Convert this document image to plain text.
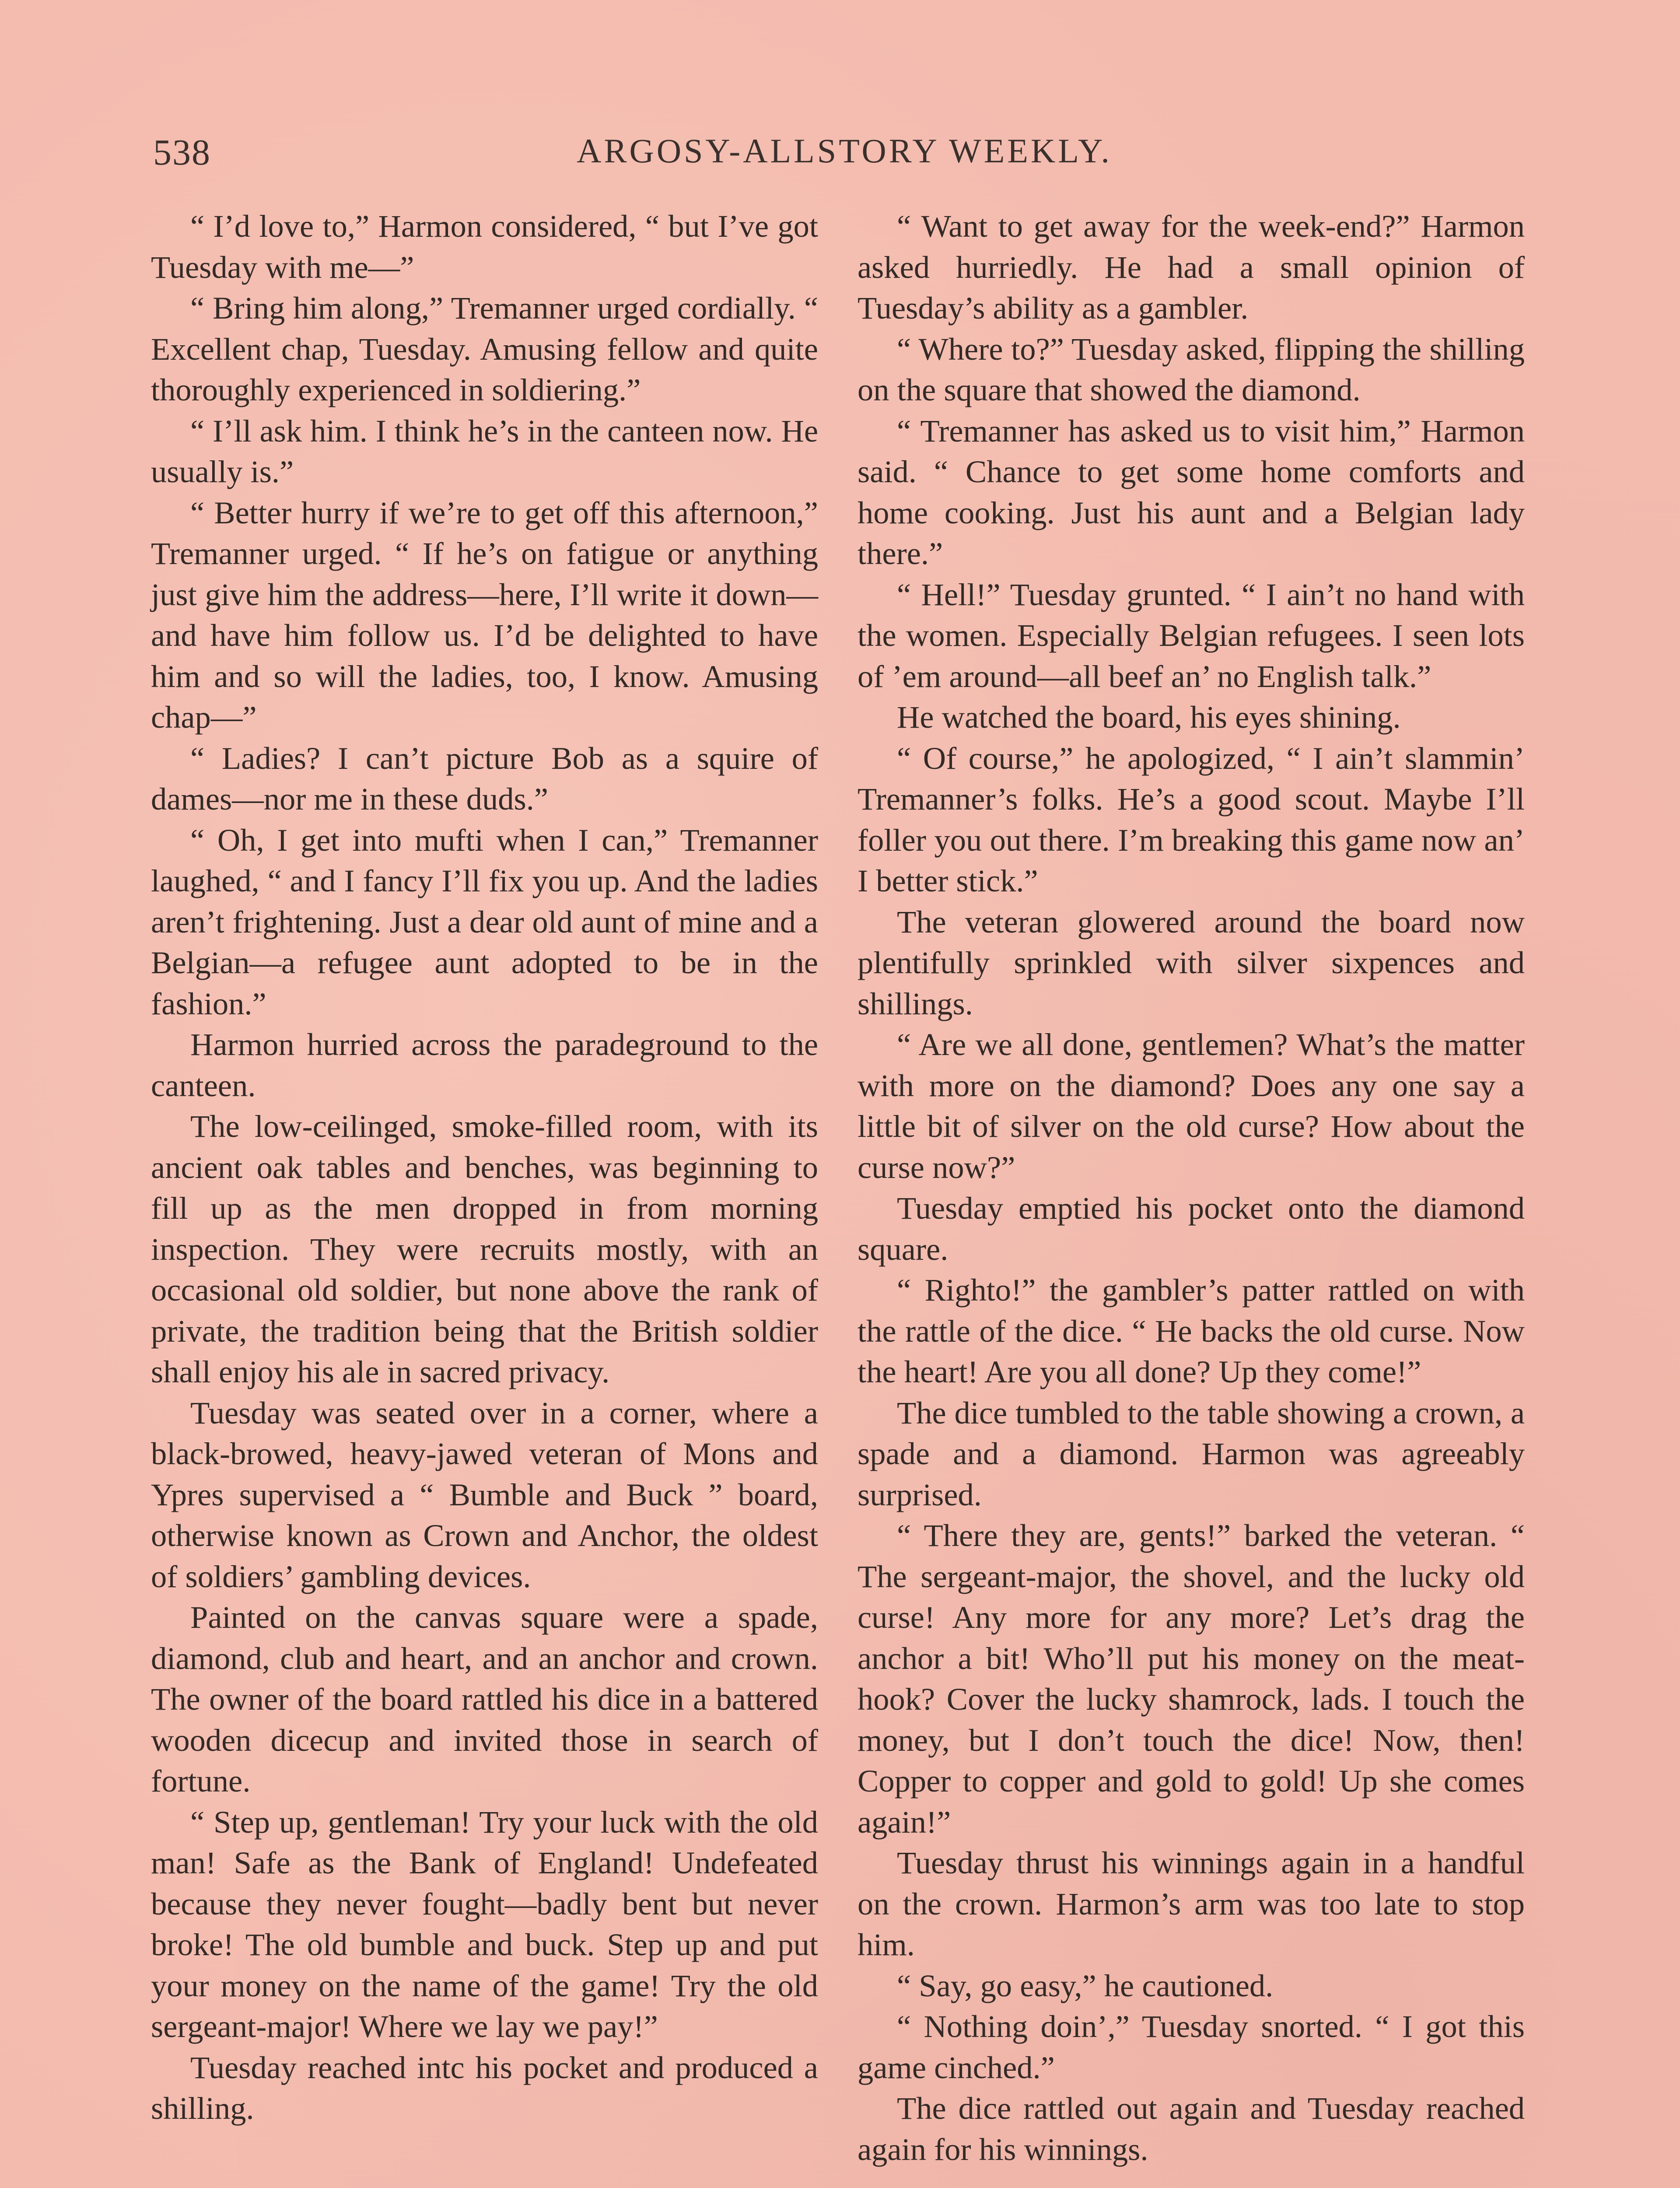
538	ARGOSY-ALLSTORY WEEKLY.

“ I’d love to,” Harmon considered, “ but I’ve got Tuesday with me—”

“ Bring him along,” Tremanner urged cordially. “ Excellent chap, Tuesday. Amusing fellow and quite thoroughly experienced in soldiering.”

“ I’ll ask him. I think he’s in the canteen now. He usually is.”

“ Better hurry if we’re to get off this afternoon,” Tremanner urged. “ If he’s on fatigue or anything just give him the address—here, I’ll write it down—and have him follow us. I’d be delighted to have him and so will the ladies, too, I know. Amusing chap—”

“ Ladies? I can’t picture Bob as a squire of dames—nor me in these duds.”

“ Oh, I get into mufti when I can,” Tremanner laughed, “ and I fancy I’ll fix you up. And the ladies aren’t frightening. Just a dear old aunt of mine and a Belgian—a refugee aunt adopted to be in the fashion.”

Harmon hurried across the paradeground to the canteen.

The low-ceilinged, smoke-filled room, with its ancient oak tables and benches, was beginning to fill up as the men dropped in from morning inspection. They were recruits mostly, with an occasional old soldier, but none above the rank of private, the tradition being that the British soldier shall enjoy his ale in sacred privacy.

Tuesday was seated over in a corner, where a black-browed, heavy-jawed veteran of Mons and Ypres supervised a “ Bumble and Buck ” board, otherwise known as Crown and Anchor, the oldest of soldiers’ gambling devices.

Painted on the canvas square were a spade, diamond, club and heart, and an anchor and crown. The owner of the board rattled his dice in a battered wooden dicecup and invited those in search of fortune.

“ Step up, gentleman! Try your luck with the old man! Safe as the Bank of England! Undefeated because they never fought—badly bent but never broke! The old bumble and buck. Step up and put your money on the name of the game! Try the old sergeant-major! Where we lay we pay!”

Tuesday reached intc his pocket and produced a shilling.

“ Want to get away for the week-end?” Harmon asked hurriedly. He had a small opinion of Tuesday’s ability as a gambler.

“ Where to?” Tuesday asked, flipping the shilling on the square that showed the diamond.

“ Tremanner has asked us to visit him,” Harmon said. “ Chance to get some home comforts and home cooking. Just his aunt and a Belgian lady there.”

“ Hell!” Tuesday grunted. “ I ain’t no hand with the women. Especially Belgian refugees. I seen lots of ’em around—all beef an’ no English talk.”

He watched the board, his eyes shining.

“ Of course,” he apologized, “ I ain’t slammin’ Tremanner’s folks. He’s a good scout. Maybe I’ll foller you out there. I’m breaking this game now an’ I better stick.”

The veteran glowered around the board now plentifully sprinkled with silver sixpences and shillings.

“ Are we all done, gentlemen? What’s the matter with more on the diamond? Does any one say a little bit of silver on the old curse? How about the curse now?”

Tuesday emptied his pocket onto the diamond square.

“ Righto!” the gambler’s patter rattled on with the rattle of the dice. “ He backs the old curse. Now the heart! Are you all done? Up they come!”

The dice tumbled to the table showing a crown, a spade and a diamond. Harmon was agreeably surprised.

“ There they are, gents!” barked the veteran. “ The sergeant-major, the shovel, and the lucky old curse! Any more for any more? Let’s drag the anchor a bit! Who’ll put his money on the meat-hook? Cover the lucky shamrock, lads. I touch the money, but I don’t touch the dice! Now, then! Copper to copper and gold to gold! Up she comes again!”

Tuesday thrust his winnings again in a handful on the crown. Harmon’s arm was too late to stop him.

“ Say, go easy,” he cautioned.

“ Nothing doin’,” Tuesday snorted. “ I got this game cinched.”

The dice rattled out again and Tuesday reached again for his winnings.
